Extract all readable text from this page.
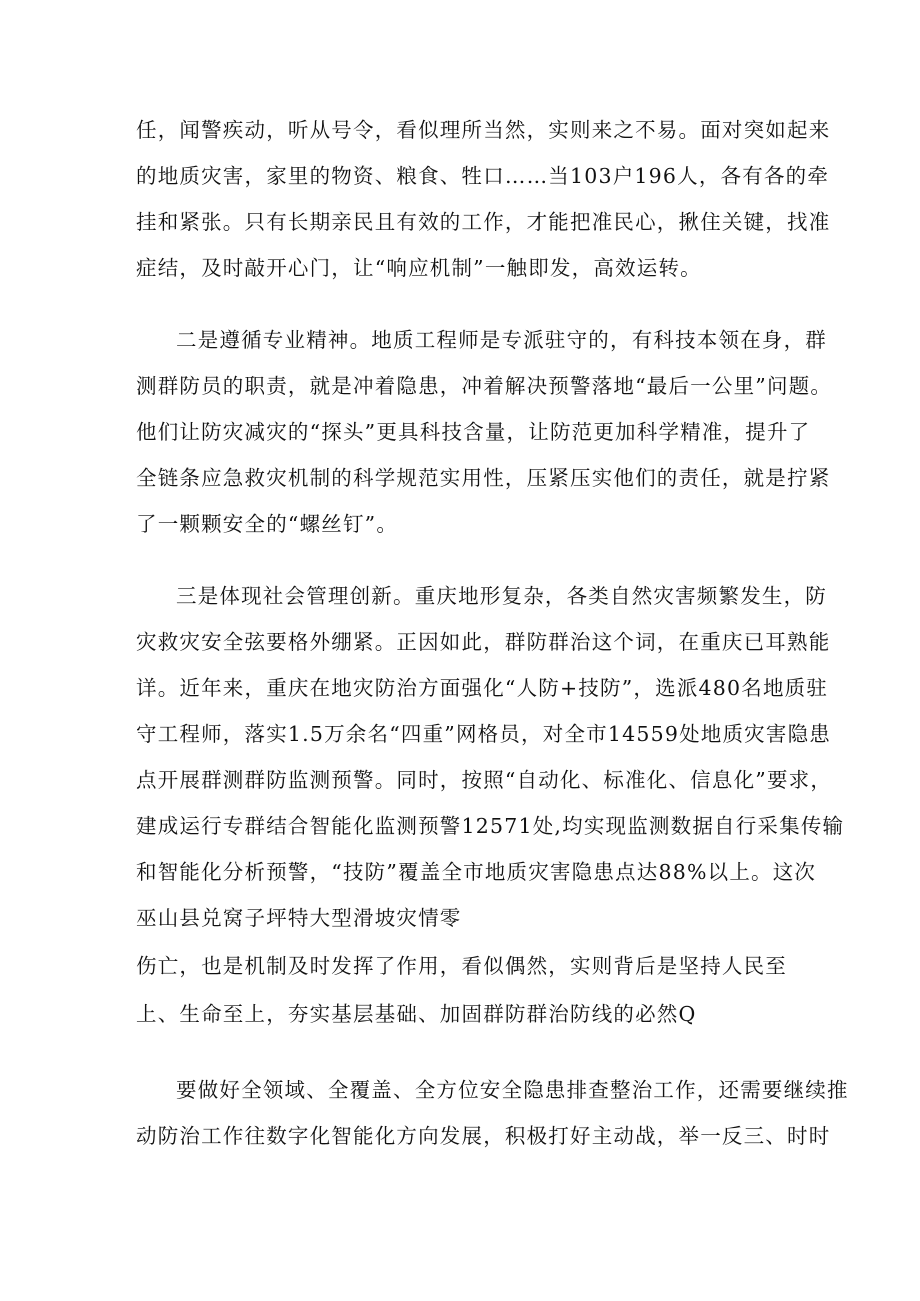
任，闻警疾动，听从号令，看似理所当然，实则来之不易。面对突如起来
的地质灾害，家里的物资、粮食、牲口……当103户196人，各有各的牵
挂和紧张。只有长期亲民且有效的工作，才能把准民心，揪住关键，找准
症结，及时敲开心门，让“响应机制”一触即发，高效运转。
二是遵循专业精神。地质工程师是专派驻守的，有科技本领在身，群
测群防员的职责，就是冲着隐患，冲着解决预警落地“最后一公里”问题。
他们让防灾减灾的“探头”更具科技含量，让防范更加科学精准，提升了
全链条应急救灾机制的科学规范实用性，压紧压实他们的责任，就是拧紧
了一颗颗安全的“螺丝钉”。
三是体现社会管理创新。重庆地形复杂，各类自然灾害频繁发生，防
灾救灾安全弦要格外绷紧。正因如此，群防群治这个词，在重庆已耳熟能
详。近年来，重庆在地灾防治方面强化“人防+技防”，选派480名地质驻
守工程师，落实1.5万余名“四重”网格员，对全市14559处地质灾害隐患
点开展群测群防监测预警。同时，按照“自动化、标准化、信息化”要求，
建成运行专群结合智能化监测预警12571处,均实现监测数据自行采集传输
和智能化分析预警，“技防”覆盖全市地质灾害隐患点达88%以上。这次
巫山县兑窝子坪特大型滑坡灾情零
伤亡，也是机制及时发挥了作用，看似偶然，实则背后是坚持人民至
上、生命至上，夯实基层基础、加固群防群治防线的必然Q
要做好全领域、全覆盖、全方位安全隐患排查整治工作，还需要继续推
动防治工作往数字化智能化方向发展，积极打好主动战，举一反三、时时
